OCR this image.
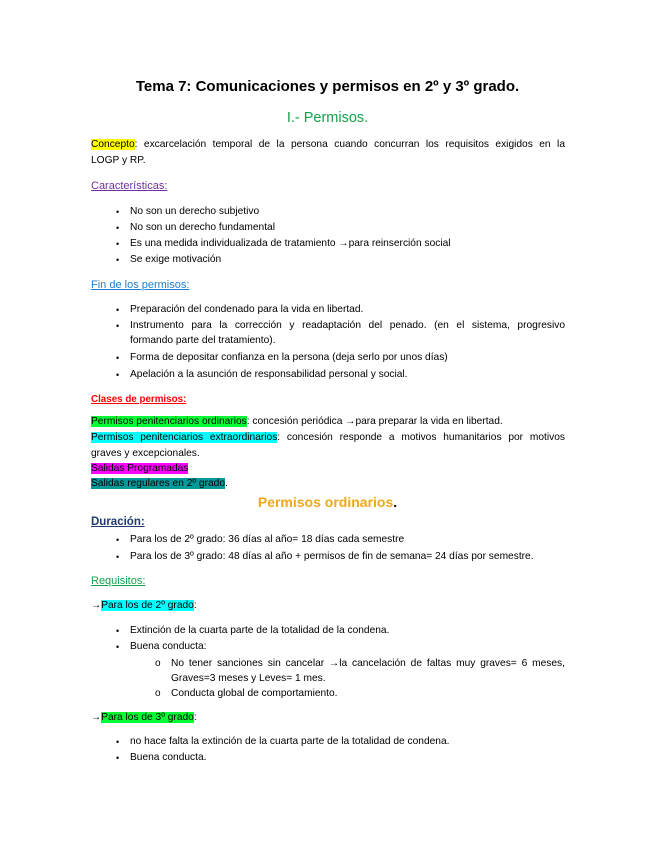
Tema 7: Comunicaciones y permisos en 2º y 3º grado.
I.- Permisos.
Concepto: excarcelación temporal de la persona cuando concurran los requisitos exigidos en la
LOGP y RP.
Características:
• No son un derecho subjetivo
• No son un derecho fundamental
• Es una medida individualizada de tratamiento →para reinserción social
• Se exige motivación
Fin de los permisos:
• Preparación del condenado para la vida en libertad.
• Instrumento para la corrección y readaptación del penado. (en el sistema, progresivo
formando parte del tratamiento).
• Forma de depositar confianza en la persona (deja serlo por unos días)
• Apelación a la asunción de responsabilidad personal y social.
Clases de permisos:
Permisos penitenciarios ordinarios: concesión periódica →para preparar la vida en libertad.
Permisos penitenciarios extraordinarios: concesión responde a motivos humanitarios por motivos
graves y excepcionales.
Salidas Programadas
Salidas regulares en 2º grado.
Permisos ordinarios.
Duración:
• Para los de 2º grado: 36 días al año= 18 días cada semestre
• Para los de 3º grado: 48 días al año + permisos de fin de semana= 24 días por semestre.
Requisitos:
→Para los de 2º grado:
• Extinción de la cuarta parte de la totalidad de la condena.
• Buena conducta:
o No tener sanciones sin cancelar →la cancelación de faltas muy graves= 6 meses,
Graves=3 meses y Leves= 1 mes.
o Conducta global de comportamiento.
→Para los de 3º grado:
• no hace falta la extinción de la cuarta parte de la totalidad de condena.
• Buena conducta.
